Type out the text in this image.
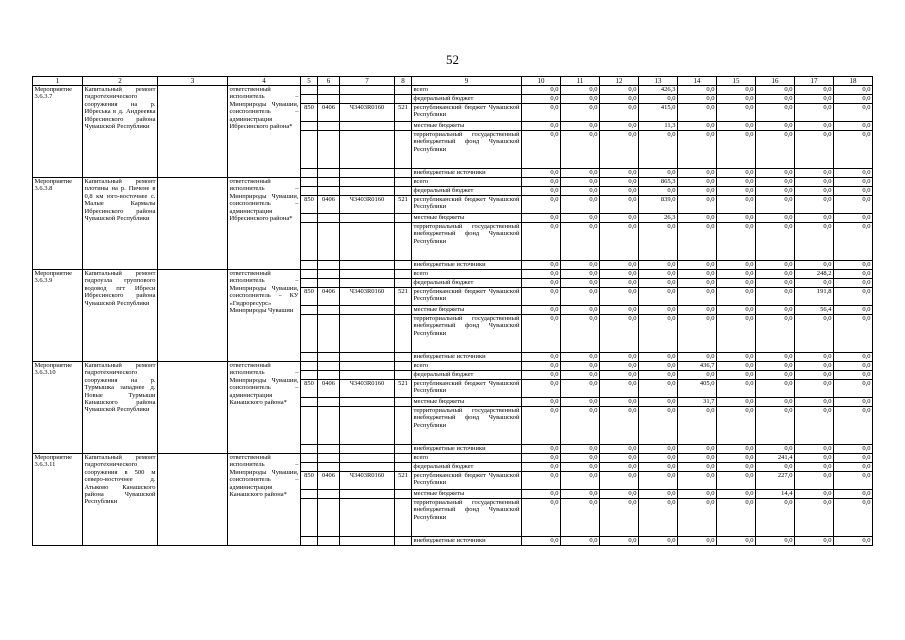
52
1	2	3	4	5	6	7	8	9	10	11	12	13	14	15	16	17	18
Мероприятие 3.6.3.7	Капитальный ремонт гидротехнического сооружения на р. Ибреська в д. Андреевка Ибресинского района Чувашской Республики		ответственный исполнитель – Минприроды Чувашии, соисполнитель – администрация Ибресинского района*					всего	0,0	0,0	0,0	426,3	0,0	0,0	0,0	0,0	0,0
								федеральный бюджет	0,0	0,0	0,0	0,0	0,0	0,0	0,0	0,0	0,0
				850	0406	Ч3403R0160	521	республиканский бюджет Чувашской Республики	0,0	0,0	0,0	415,0	0,0	0,0	0,0	0,0	0,0
								местные бюджеты	0,0	0,0	0,0	11,3	0,0	0,0	0,0	0,0	0,0
								территориальный государственный внебюджетный фонд Чувашской Республики	0,0	0,0	0,0	0,0	0,0	0,0	0,0	0,0	0,0
								внебюджетные источники	0,0	0,0	0,0	0,0	0,0	0,0	0,0	0,0	0,0
Мероприятие 3.6.3.8	Капитальный ремонт плотины на р. Пичене в 0,8 км юго-восточнее с. Малые Кармалы Ибресинского района Чувашской Республики		ответственный исполнитель – Минприроды Чувашии, соисполнитель – администрация Ибресинского района*					всего	0,0	0,0	0,0	865,3	0,0	0,0	0,0	0,0	0,0
								федеральный бюджет	0,0	0,0	0,0	0,0	0,0	0,0	0,0	0,0	0,0
				850	0406	Ч3403R0160	521	республиканский бюджет Чувашской Республики	0,0	0,0	0,0	839,0	0,0	0,0	0,0	0,0	0,0
								местные бюджеты	0,0	0,0	0,0	26,3	0,0	0,0	0,0	0,0	0,0
								территориальный государственный внебюджетный фонд Чувашской Республики	0,0	0,0	0,0	0,0	0,0	0,0	0,0	0,0	0,0
								внебюджетные источники	0,0	0,0	0,0	0,0	0,0	0,0	0,0	0,0	0,0
Мероприятие 3.6.3.9	Капитальный ремонт гидроузла группового водовод пгт Ибреси Ибресинского района Чувашской Республики		ответственный исполнитель – Минприроды Чувашии, соисполнитель – КУ «Гидроресурс» Минприроды Чувашии					всего	0,0	0,0	0,0	0,0	0,0	0,0	0,0	248,2	0,0
								федеральный бюджет	0,0	0,0	0,0	0,0	0,0	0,0	0,0	0,0	0,0
				850	0406	Ч3403R0160	521	республиканский бюджет Чувашской Республики	0,0	0,0	0,0	0,0	0,0	0,0	0,0	191,8	0,0
								местные бюджеты	0,0	0,0	0,0	0,0	0,0	0,0	0,0	56,4	0,0
								территориальный государственный внебюджетный фонд Чувашской Республики	0,0	0,0	0,0	0,0	0,0	0,0	0,0	0,0	0,0
								внебюджетные источники	0,0	0,0	0,0	0,0	0,0	0,0	0,0	0,0	0,0
Мероприятие 3.6.3.10	Капитальный ремонт гидротехнического сооружения на р. Турмышка западнее д. Новые Турмыши Канашского района Чувашской Республики		ответственный исполнитель – Минприроды Чувашии, соисполнитель – администрация Канашского района*					всего	0,0	0,0	0,0	0,0	436,7	0,0	0,0	0,0	0,0
								федеральный бюджет	0,0	0,0	0,0	0,0	0,0	0,0	0,0	0,0	0,0
				850	0406	Ч3403R0160	521	республиканский бюджет Чувашской Республики	0,0	0,0	0,0	0,0	405,0	0,0	0,0	0,0	0,0
								местные бюджеты	0,0	0,0	0,0	0,0	31,7	0,0	0,0	0,0	0,0
								территориальный государственный внебюджетный фонд Чувашской Республики	0,0	0,0	0,0	0,0	0,0	0,0	0,0	0,0	0,0
								внебюджетные источники	0,0	0,0	0,0	0,0	0,0	0,0	0,0	0,0	0,0
Мероприятие 3.6.3.11	Капитальный ремонт гидротехнического сооружения в 500 м северо-восточнее д. Атыково Канашского района Чувашской Республики		ответственный исполнитель – Минприроды Чувашии, соисполнитель – администрация Канашского района*					всего	0,0	0,0	0,0	0,0	0,0	0,0	241,4	0,0	0,0
								федеральный бюджет	0,0	0,0	0,0	0,0	0,0	0,0	0,0	0,0	0,0
				850	0406	Ч3403R0160	521	республиканский бюджет Чувашской Республики	0,0	0,0	0,0	0,0	0,0	0,0	227,0	0,0	0,0
								местные бюджеты	0,0	0,0	0,0	0,0	0,0	0,0	14,4	0,0	0,0
								территориальный государственный внебюджетный фонд Чувашской Республики	0,0	0,0	0,0	0,0	0,0	0,0	0,0	0,0	0,0
								внебюджетные источники	0,0	0,0	0,0	0,0	0,0	0,0	0,0	0,0	0,0
